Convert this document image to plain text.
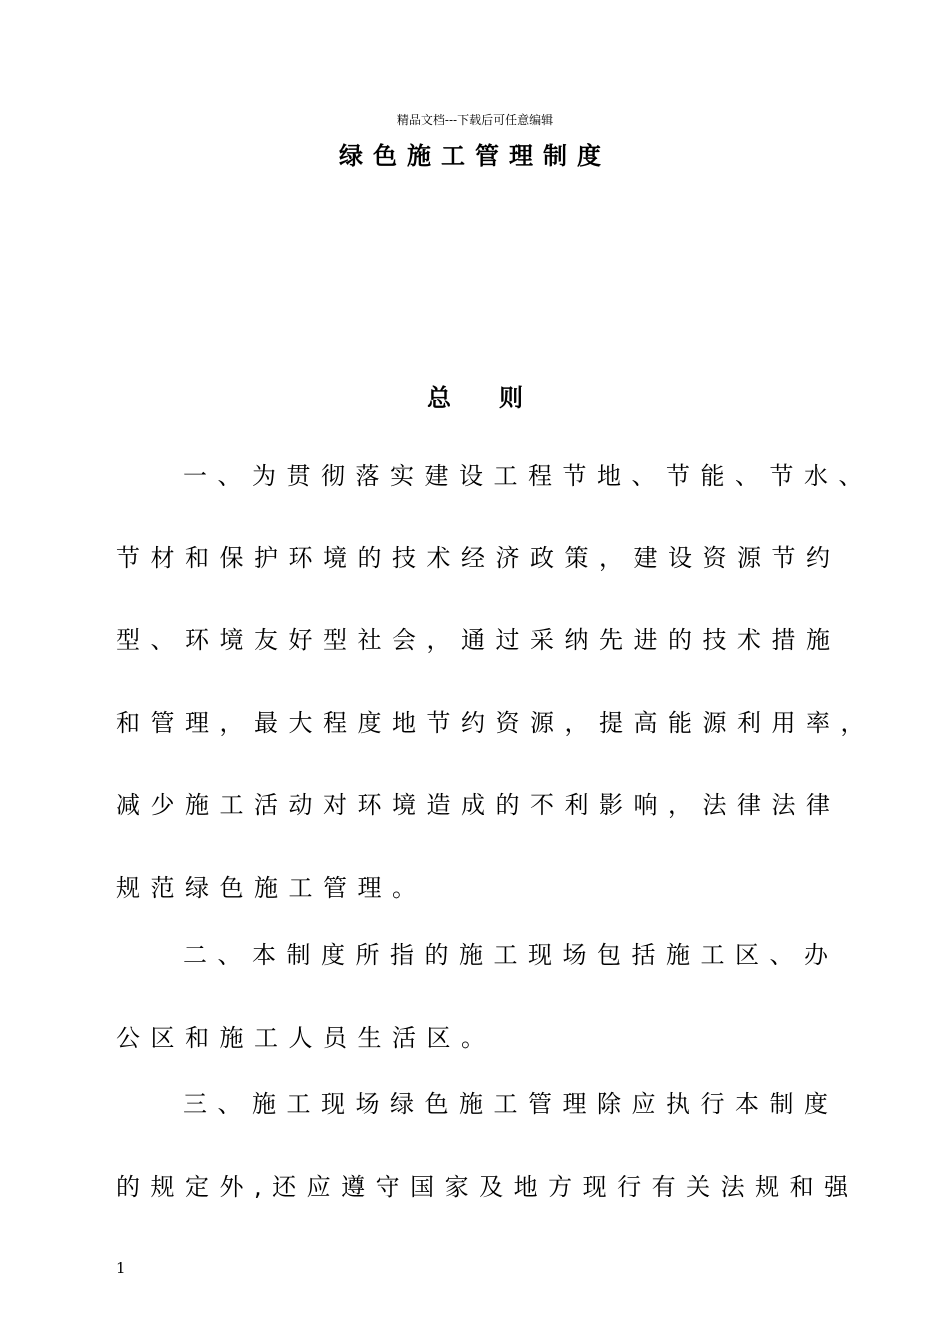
精品文档---下载后可任意编辑
绿色施工管理制度
总 则
一、为贯彻落实建设工程节地、节能、节水、
节材和保护环境的技术经济政策，建设资源节约
型、环境友好型社会，通过采纳先进的技术措施
和管理，最大程度地节约资源，提高能源利用率，
减少施工活动对环境造成的不利影响，法律法律
规范绿色施工管理。
二、本制度所指的施工现场包括施工区、办
公区和施工人员生活区。
三、施工现场绿色施工管理除应执行本制度
的规定外,还应遵守国家及地方现行有关法规和强
1
